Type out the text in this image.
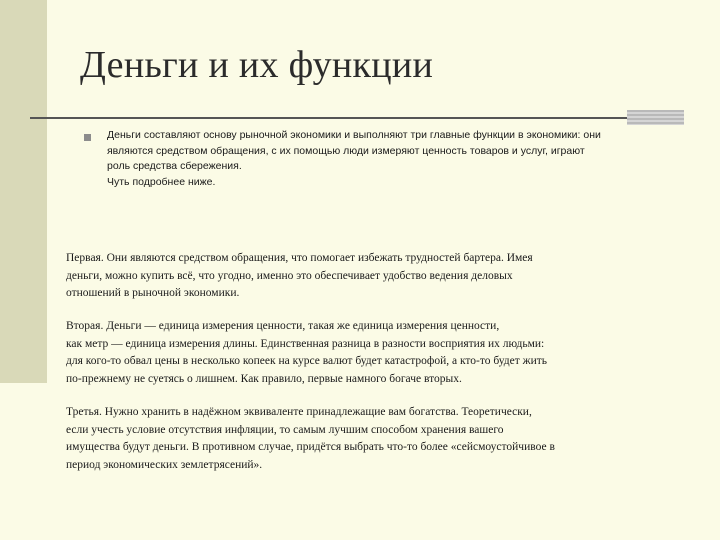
Деньги и их функции
Деньги составляют основу рыночной экономики и выполняют три главные функции в экономики: они
являются средством обращения, с их помощью люди измеряют ценность товаров и услуг, играют
роль средства сбережения.
Чуть подробнее ниже.
Первая. Они являются средством обращения, что помогает избежать трудностей бартера. Имея
деньги, можно купить всё, что угодно, именно это обеспечивает удобство ведения деловых
отношений в рыночной экономики.
Вторая. Деньги — единица измерения ценности, такая же единица измерения ценности,
как метр — единица измерения длины. Единственная разница в разности восприятия их людьми:
для кого-то обвал цены в несколько копеек на курсе валют будет катастрофой, а кто-то будет жить
по-прежнему не суетясь о лишнем. Как правило, первые намного богаче вторых.
Третья. Нужно хранить в надёжном эквиваленте принадлежащие вам богатства. Теоретически,
если учесть условие отсутствия инфляции, то самым лучшим способом хранения вашего
имущества будут деньги. В противном случае, придётся выбрать что-то более «сейсмоустойчивое в
период экономических землетрясений».
